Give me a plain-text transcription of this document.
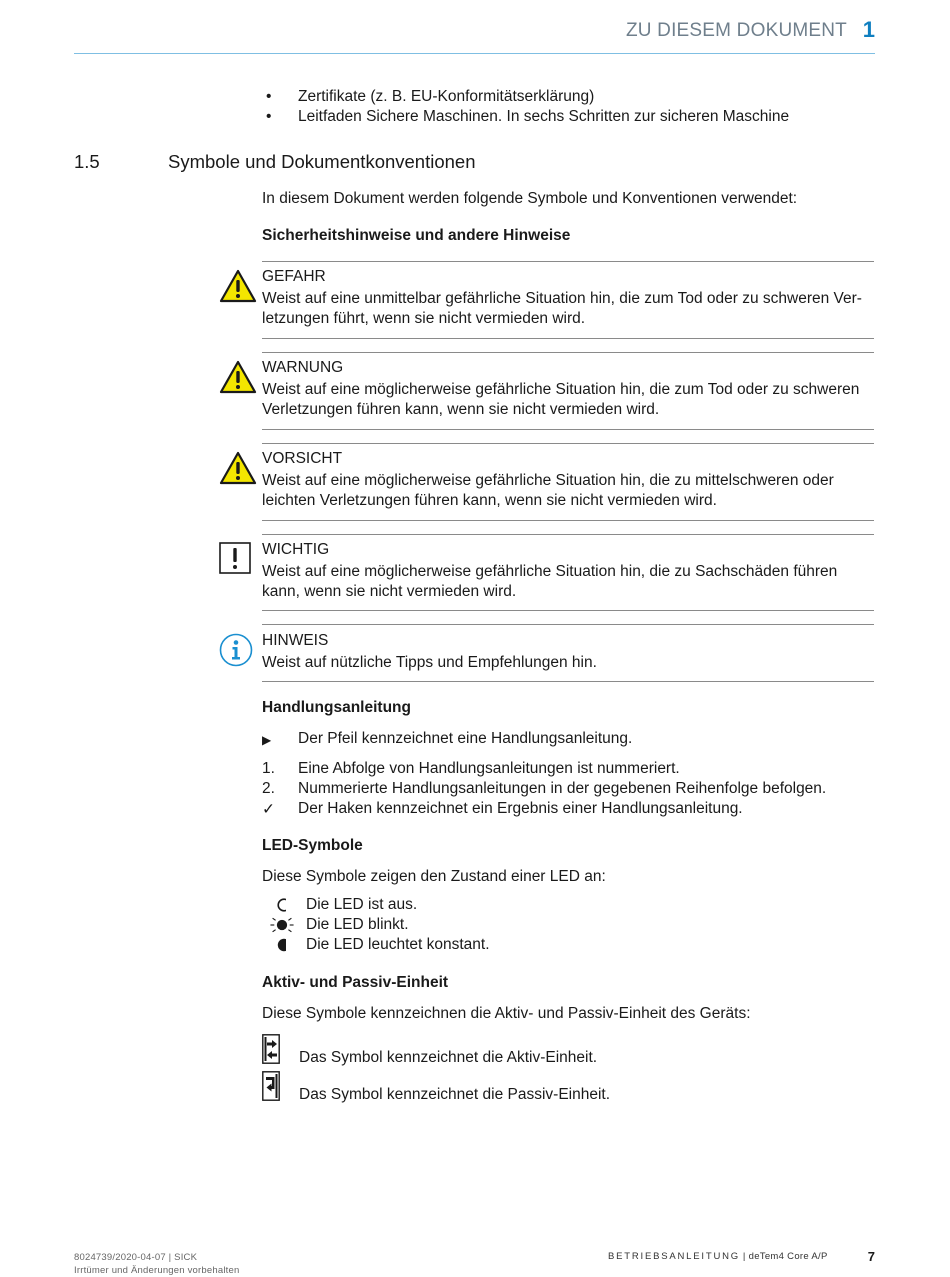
ZU DIESEM DOKUMENT 1
• Zertifikate (z. B. EU-Konformitätserklärung)
• Leitfaden Sichere Maschinen. In sechs Schritten zur sicheren Maschine
1.5	Symbole und Dokumentkonventionen
In diesem Dokument werden folgende Symbole und Konventionen verwendet:
Sicherheitshinweise und andere Hinweise
GEFAHR
Weist auf eine unmittelbar gefährliche Situation hin, die zum Tod oder zu schweren Ver-
letzungen führt, wenn sie nicht vermieden wird.
WARNUNG
Weist auf eine möglicherweise gefährliche Situation hin, die zum Tod oder zu schweren
Verletzungen führen kann, wenn sie nicht vermieden wird.
VORSICHT
Weist auf eine möglicherweise gefährliche Situation hin, die zu mittelschweren oder
leichten Verletzungen führen kann, wenn sie nicht vermieden wird.
WICHTIG
Weist auf eine möglicherweise gefährliche Situation hin, die zu Sachschäden führen
kann, wenn sie nicht vermieden wird.
HINWEIS
Weist auf nützliche Tipps und Empfehlungen hin.
Handlungsanleitung
▶ Der Pfeil kennzeichnet eine Handlungsanleitung.
1. Eine Abfolge von Handlungsanleitungen ist nummeriert.
2. Nummerierte Handlungsanleitungen in der gegebenen Reihenfolge befolgen.
✓ Der Haken kennzeichnet ein Ergebnis einer Handlungsanleitung.
LED-Symbole
Diese Symbole zeigen den Zustand einer LED an:
Die LED ist aus.
Die LED blinkt.
Die LED leuchtet konstant.
Aktiv- und Passiv-Einheit
Diese Symbole kennzeichnen die Aktiv- und Passiv-Einheit des Geräts:
Das Symbol kennzeichnet die Aktiv-Einheit.
Das Symbol kennzeichnet die Passiv-Einheit.
8024739/2020-04-07 | SICK
Irrtümer und Änderungen vorbehalten
BETRIEBSANLEITUNG | deTem4 Core A/P	7
